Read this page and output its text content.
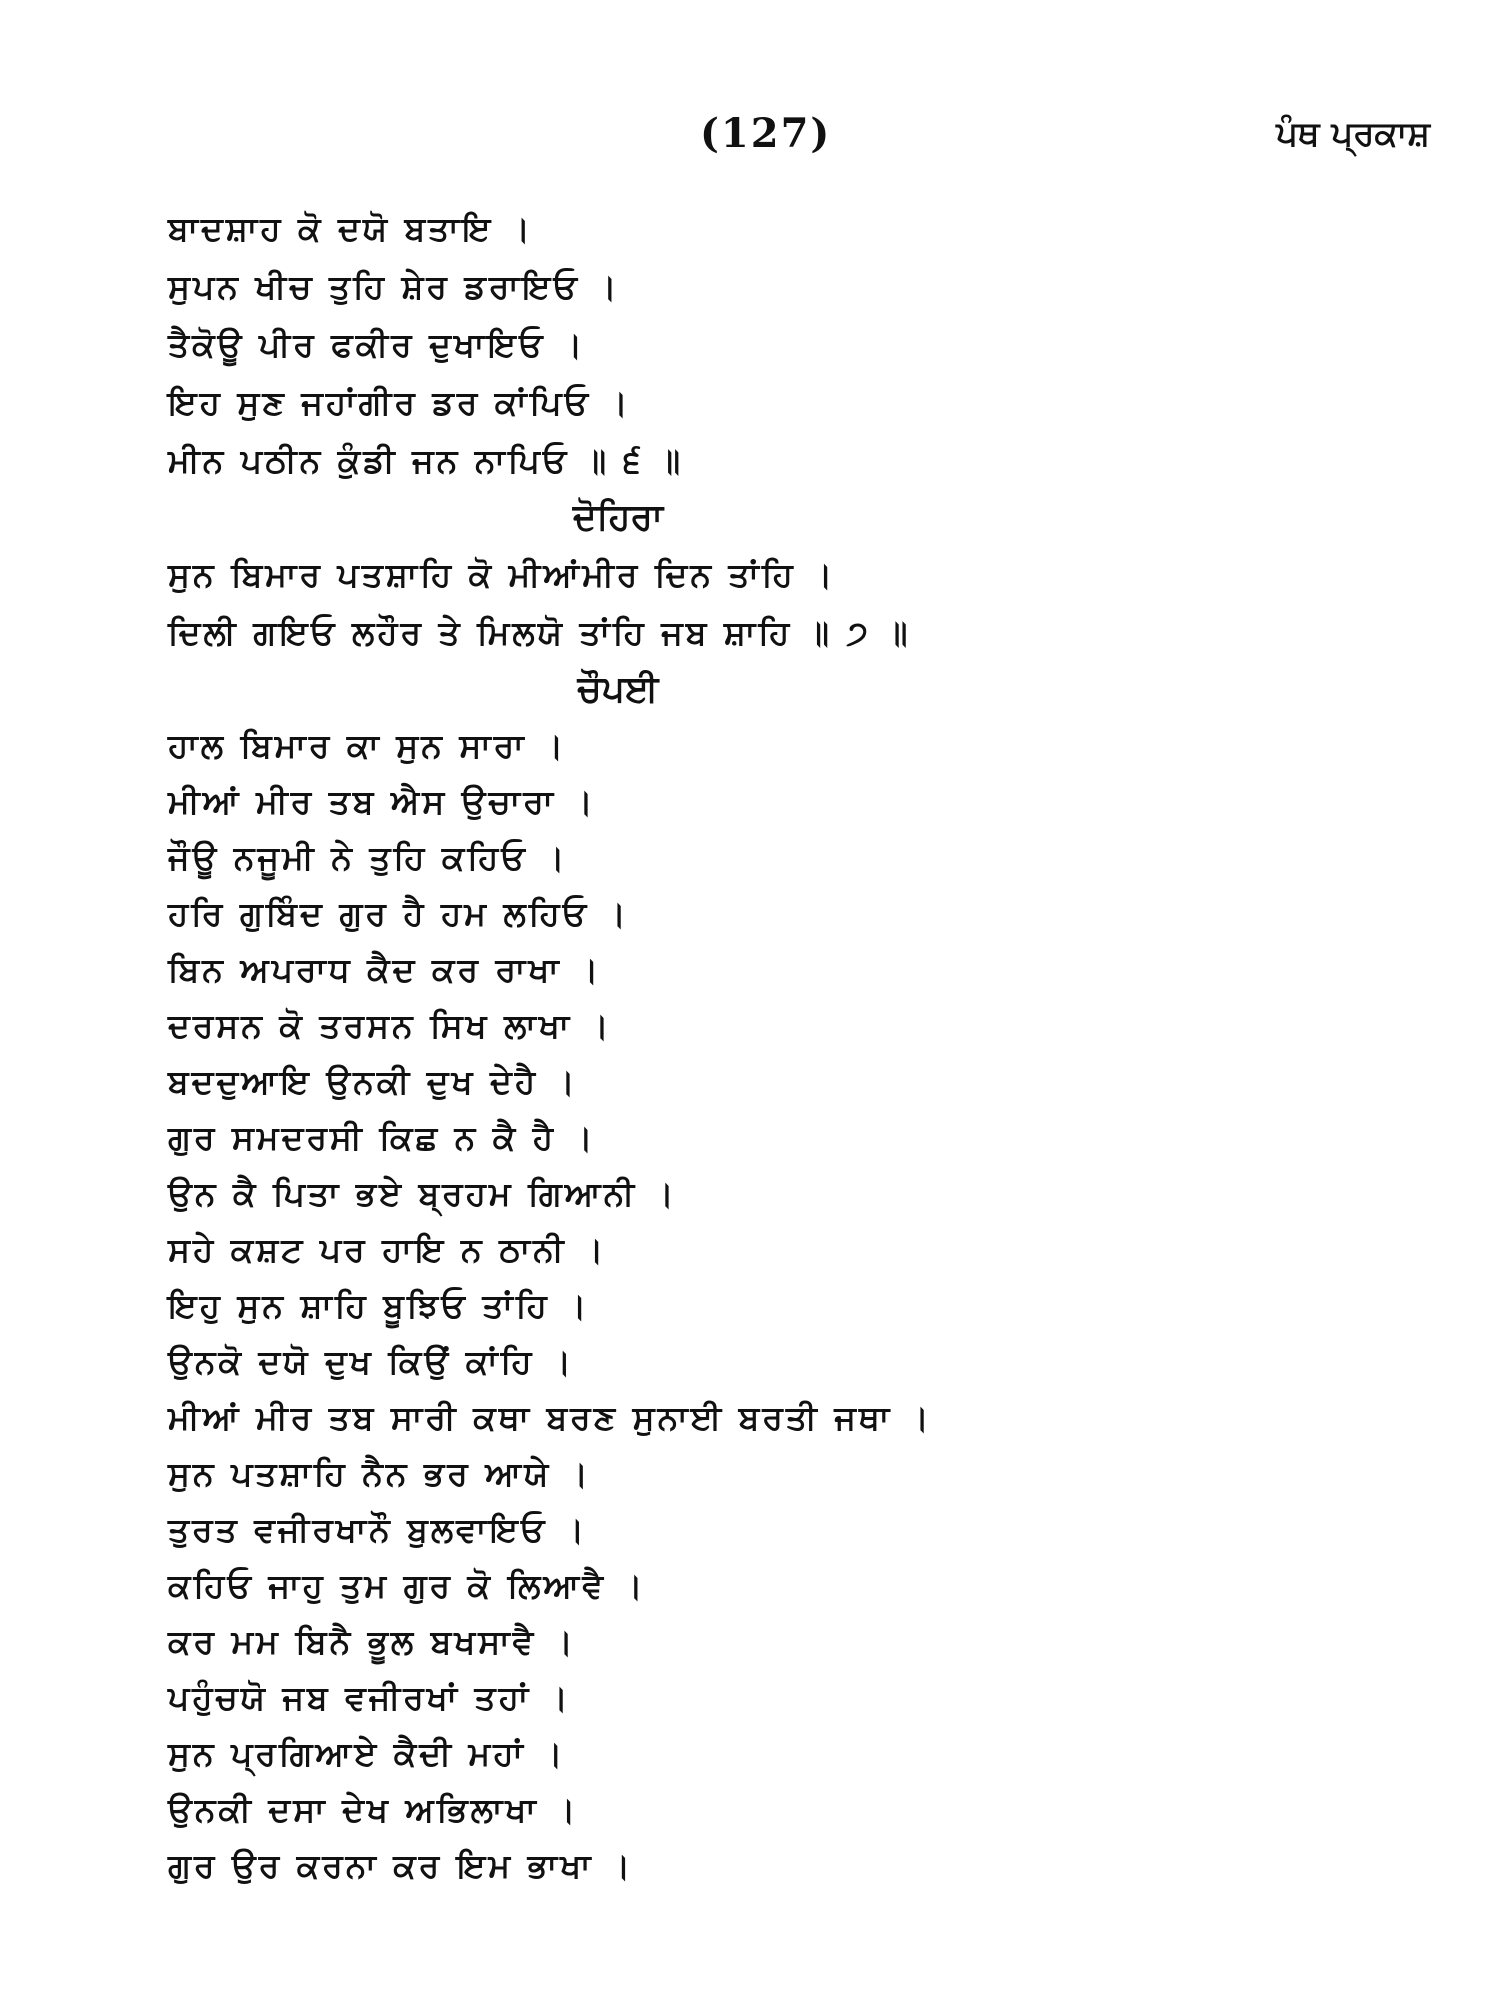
(127)	ਪੰਥ ਪ੍ਰਕਾਸ਼
ਬਾਦਸ਼ਾਹ ਕੋ ਦਯੋ ਬਤਾਇ ।
ਸੁਪਨ ਖੀਚ ਤੁਹਿ ਸ਼ੇਰ ਡਰਾਇਓ ।
ਤੈਕੋਊ ਪੀਰ ਫਕੀਰ ਦੁਖਾਇਓ ।
ਇਹ ਸੁਣ ਜਹਾਂਗੀਰ ਡਰ ਕਾਂਪਿਓ ।
ਮੀਨ ਪਠੀਨ ਕੁੰਡੀ ਜਨ ਨਾਪਿਓ ॥ ੬ ॥
ਦੋਹਿਰਾ
ਸੁਨ ਬਿਮਾਰ ਪਤਸ਼ਾਹਿ ਕੋ ਮੀਆਂਮੀਰ ਦਿਨ ਤਾਂਹਿ ।
ਦਿਲੀ ਗਇਓ ਲਹੌਰ ਤੇ ਮਿਲਯੋ ਤਾਂਹਿ ਜਬ ਸ਼ਾਹਿ ॥ ੭ ॥
ਚੌਪਈ
ਹਾਲ ਬਿਮਾਰ ਕਾ ਸੁਨ ਸਾਰਾ ।
ਮੀਆਂ ਮੀਰ ਤਬ ਐਸ ਉਚਾਰਾ ।
ਜੌਊ ਨਜੂਮੀ ਨੇ ਤੁਹਿ ਕਹਿਓ ।
ਹਰਿ ਗੁਬਿੰਦ ਗੁਰ ਹੈ ਹਮ ਲਹਿਓ ।
ਬਿਨ ਅਪਰਾਧ ਕੈਦ ਕਰ ਰਾਖਾ ।
ਦਰਸਨ ਕੋ ਤਰਸਨ ਸਿਖ ਲਾਖਾ ।
ਬਦਦੁਆਇ ਉਨਕੀ ਦੁਖ ਦੇਹੈ ।
ਗੁਰ ਸਮਦਰਸੀ ਕਿਛ ਨ ਕੈ ਹੈ ।
ਉਨ ਕੈ ਪਿਤਾ ਭਏ ਬ੍ਰਹਮ ਗਿਆਨੀ ।
ਸਹੇ ਕਸ਼ਟ ਪਰ ਹਾਇ ਨ ਠਾਨੀ ।
ਇਹੁ ਸੁਨ ਸ਼ਾਹਿ ਬੂਝਿਓ ਤਾਂਹਿ ।
ਉਨਕੋ ਦਯੋ ਦੁਖ ਕਿਉਂ ਕਾਂਹਿ ।
ਮੀਆਂ ਮੀਰ ਤਬ ਸਾਰੀ ਕਥਾ ਬਰਣ ਸੁਨਾਈ ਬਰਤੀ ਜਥਾ ।
ਸੁਨ ਪਤਸ਼ਾਹਿ ਨੈਨ ਭਰ ਆਯੇ ।
ਤੁਰਤ ਵਜੀਰਖਾਨੌ ਬੁਲਵਾਇਓ ।
ਕਹਿਓ ਜਾਹੁ ਤੁਮ ਗੁਰ ਕੋ ਲਿਆਵੈ ।
ਕਰ ਮਮ ਬਿਨੈ ਭੂਲ ਬਖਸਾਵੈ ।
ਪਹੁੰਚਯੋ ਜਬ ਵਜੀਰਖਾਂ ਤਹਾਂ ।
ਸੁਨ ਪ੍ਰਗਿਆਏ ਕੈਦੀ ਮਹਾਂ ।
ਉਨਕੀ ਦਸਾ ਦੇਖ ਅਭਿਲਾਖਾ ।
ਗੁਰ ਉਰ ਕਰਨਾ ਕਰ ਇਮ ਭਾਖਾ ।
